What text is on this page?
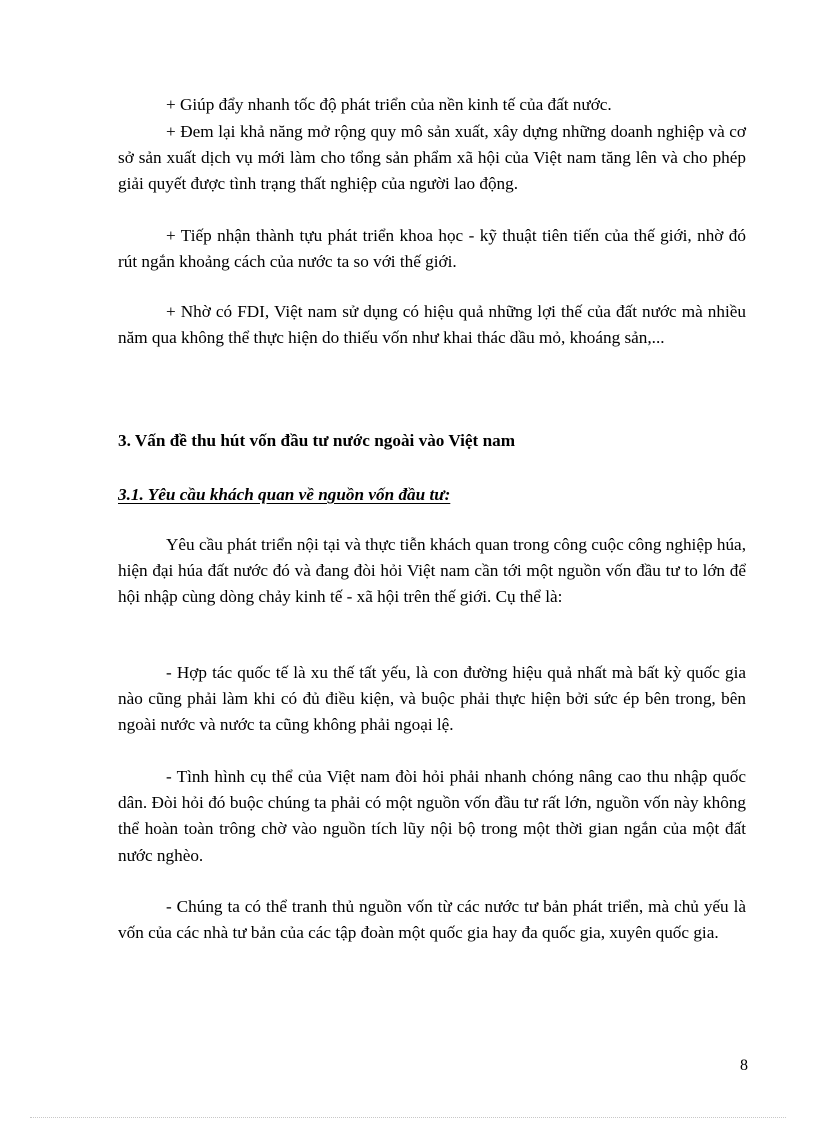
+ Giúp đẩy nhanh tốc độ phát triển của nền kinh tế của đất nước.

+ Đem lại khả năng mở rộng quy mô sản xuất, xây dựng những doanh nghiệp và cơ sở sản xuất dịch vụ mới làm cho tổng sản phẩm xã hội của Việt nam tăng lên và cho phép giải quyết được tình trạng thất nghiệp của người lao động.

+ Tiếp nhận thành tựu phát triển khoa học - kỹ thuật tiên tiến của thế giới, nhờ đó rút ngắn khoảng cách của nước ta so với thế giới.

+ Nhờ có FDI, Việt nam sử dụng có hiệu quả những lợi thế của đất nước mà nhiều năm qua không thể thực hiện do thiếu vốn như khai thác dầu mỏ, khoáng sản,...

3. Vấn đề thu hút vốn đầu tư nước ngoài vào Việt nam

3.1. Yêu cầu khách quan về nguồn vốn đầu tư:

Yêu cầu phát triển nội tại và thực tiễn khách quan trong công cuộc công nghiệp húa, hiện đại húa đất nước đó và đang đòi hỏi Việt nam cần tới một nguồn vốn đầu tư to lớn để hội nhập cùng dòng chảy kinh tế - xã hội trên thế giới. Cụ thể là:

- Hợp tác quốc tế là xu thế tất yếu, là con đường hiệu quả nhất mà bất kỳ quốc gia nào cũng phải làm khi có đủ điều kiện, và buộc phải thực hiện bởi sức ép bên trong, bên ngoài nước và nước ta cũng không phải ngoại lệ.

- Tình hình cụ thể của Việt nam đòi hỏi phải nhanh chóng nâng cao thu nhập quốc dân. Đòi hỏi đó buộc chúng ta phải có một nguồn vốn đầu tư rất lớn, nguồn vốn này không thể hoàn toàn trông chờ vào nguồn tích lũy nội bộ trong một thời gian ngắn của một đất nước nghèo.

- Chúng ta có thể tranh thủ nguồn vốn từ các nước tư bản phát triển, mà chủ yếu là vốn của các nhà tư bản của các tập đoàn một quốc gia hay đa quốc gia, xuyên quốc gia.

8
